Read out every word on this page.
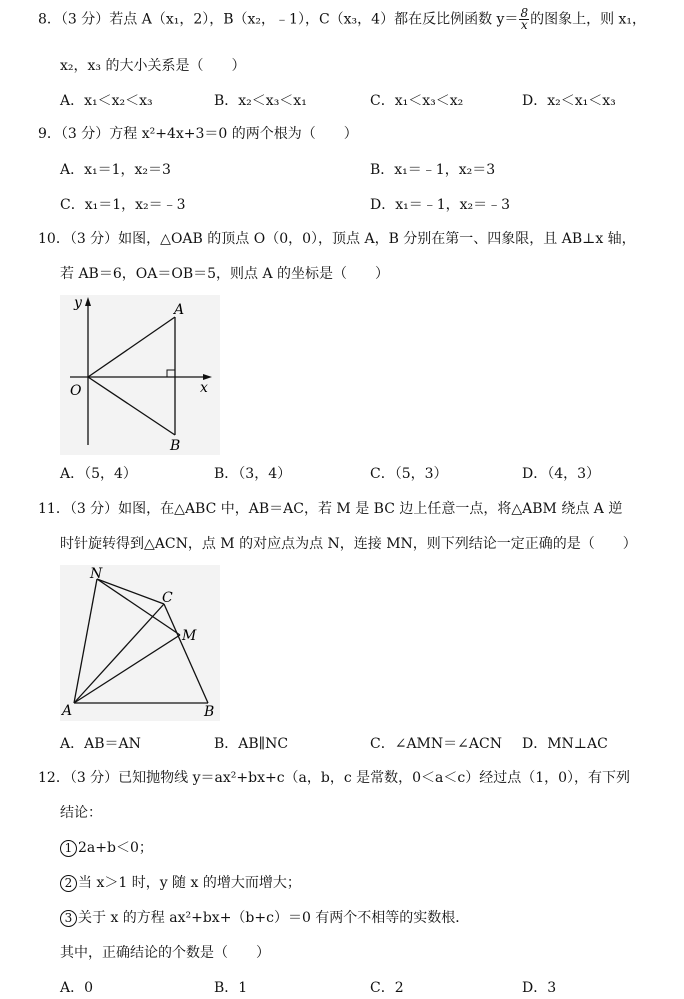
8．（3 分）若点 A（x₁，2），B（x₂，﹣1），C（x₃，4）都在反比例函数 $y= \frac{8}{x}$ 的图象上，则 x₁，
x₂，x₃ 的大小关系是（　　）
A．x₁＜x₂＜x₃	B．x₂＜x₃＜x₁	C．x₁＜x₃＜x₂	D．x₂＜x₁＜x₃
9．（3 分）方程 x²+4x+3＝0 的两个根为（　　）
A．x₁＝1，x₂＝3	B．x₁＝﹣1，x₂＝3
C．x₁＝1，x₂＝﹣3	D．x₁＝﹣1，x₂＝﹣3
10．（3 分）如图，△OAB 的顶点 O（0，0），顶点 A，B 分别在第一、四象限，且 AB⊥x 轴，
若 AB＝6，OA＝OB＝5，则点 A 的坐标是（　　）
y
x
O
A
B
A．（5，4）	B．（3，4）	C．（5，3）	D．（4，3）
11．（3 分）如图，在△ABC 中，AB＝AC，若 M 是 BC 边上任意一点，将△ABM 绕点 A 逆
时针旋转得到△ACN，点 M 的对应点为点 N，连接 MN，则下列结论一定正确的是（　　）
N
C
M
A	B
A．AB＝AN	B．AB∥NC	C．∠AMN＝∠ACN D．MN⊥AC
12．（3 分）已知抛物线 y＝ax²+bx+c（a，b，c 是常数，0＜a＜c）经过点（1，0），有下列
结论：
1 2a+b＜0；
2 当 x＞1 时，y 随 x 的增大而增大；
3 关于 x 的方程 ax²+bx+（b+c）＝0 有两个不相等的实数根．
其中，正确结论的个数是（　　）
A．0	B．1	C．2	D．3
